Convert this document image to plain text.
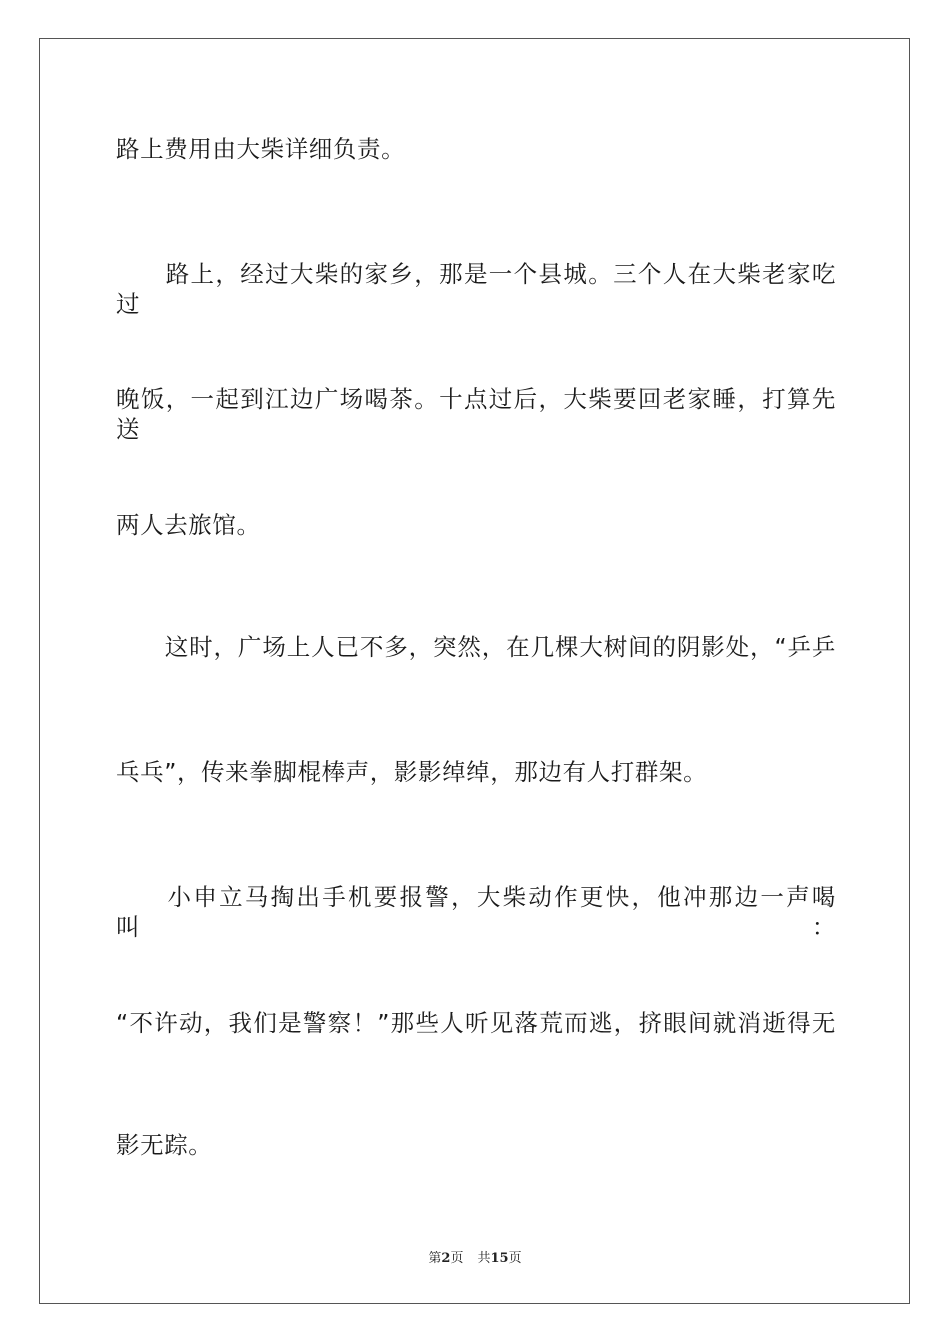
路上费用由大柴详细负责。
　　路上，经过大柴的家乡，那是一个县城。三个人在大柴老家吃过
晚饭，一起到江边广场喝茶。十点过后，大柴要回老家睡，打算先送
两人去旅馆。
　　这时，广场上人已不多，突然，在几棵大树间的阴影处，“乒乒
乓乓”，传来拳脚棍棒声，影影绰绰，那边有人打群架。
　　小申立马掏出手机要报警，大柴动作更快，他冲那边一声喝叫：
“不许动，我们是警察！”那些人听见落荒而逃，挤眼间就消逝得无
影无踪。
第2页 共15页
